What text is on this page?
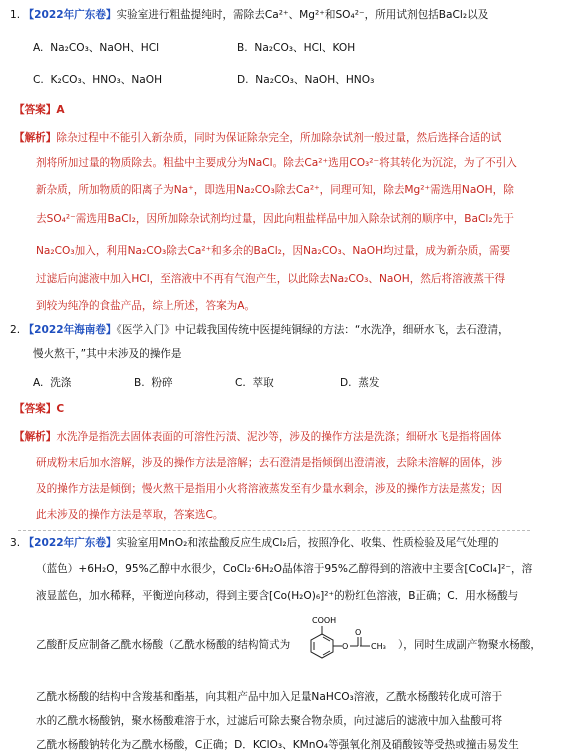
1. 【2022年广东卷】实验室进行粗盐提纯时，需除去Ca²⁺、Mg²⁺和SO₄²⁻，所用试剂包括BaCl₂以及
A. Na₂CO₃、NaOH、HCl	B. Na₂CO₃、HCl、KOH
C. K₂CO₃、HNO₃、NaOH	D. Na₂CO₃、NaOH、HNO₃
【答案】A
【解析】除杂过程中不能引入新杂质，同时为保证除杂完全，所加除杂试剂一般过量，然后选择合适的试
剂将所加过量的物质除去。粗盐中主要成分为NaCl。除去Ca²⁺选用CO₃²⁻将其转化为沉淀，为了不引入
新杂质，所加物质的阳离子为Na⁺，即选用Na₂CO₃除去Ca²⁺，同理可知，除去Mg²⁺需选用NaOH，除
去SO₄²⁻需选用BaCl₂，因所加除杂试剂均过量，因此向粗盐样品中加入除杂试剂的顺序中，BaCl₂先于
Na₂CO₃加入，利用Na₂CO₃除去Ca²⁺和多余的BaCl₂，因Na₂CO₃、NaOH均过量，成为新杂质，需要
过滤后向滤液中加入HCl，至溶液中不再有气泡产生，以此除去Na₂CO₃、NaOH，然后将溶液蒸干得
到较为纯净的食盐产品，综上所述，答案为A。
2. 【2022年海南卷】《医学入门》中记载我国传统中医提纯铜绿的方法：“水洗净，细研水飞，去石澄清，
慢火熬干，”其中未涉及的操作是
A. 洗涤	B. 粉碎	C. 萃取	D. 蒸发
【答案】C
【解析】水洗净是指洗去固体表面的可溶性污渍、泥沙等，涉及的操作方法是洗涤；细研水飞是指将固体
研成粉末后加水溶解，涉及的操作方法是溶解；去石澄清是指倾倒出澄清液，去除未溶解的固体，涉
及的操作方法是倾倒；慢火熬干是指用小火将溶液蒸发至有少量水剩余，涉及的操作方法是蒸发；因
此未涉及的操作方法是萃取，答案选C。
3. 【2022年广东卷】实验室用MnO₂和浓盐酸反应生成Cl₂后，按照净化、收集、性质检验及尾气处理的
（蓝色）+6H₂O，95%乙醇中水很少，CoCl₂·6H₂O晶体溶于95%乙醇得到的溶液中主要含[CoCl₄]²⁻，溶
液显蓝色，加水稀释，平衡逆向移动，得到主要含[Co(H₂O)₆]²⁺的粉红色溶液，B正确；C．用水杨酸与
乙酸酐反应制备乙酰水杨酸（乙酰水杨酸的结构简式为
COOH
O
O
CH₃ ），同时生成副产物聚水杨酸，
乙酰水杨酸的结构中含羧基和酯基，向其粗产品中加入足量NaHCO₃溶液，乙酰水杨酸转化成可溶于
水的乙酰水杨酸钠，聚水杨酸难溶于水，过滤后可除去聚合物杂质，向过滤后的滤液中加入盐酸可将
乙酰水杨酸钠转化为乙酰水杨酸，C正确；D．KClO₃、KMnO₄等强氧化剂及硝酸铵等受热或撞击易发生
